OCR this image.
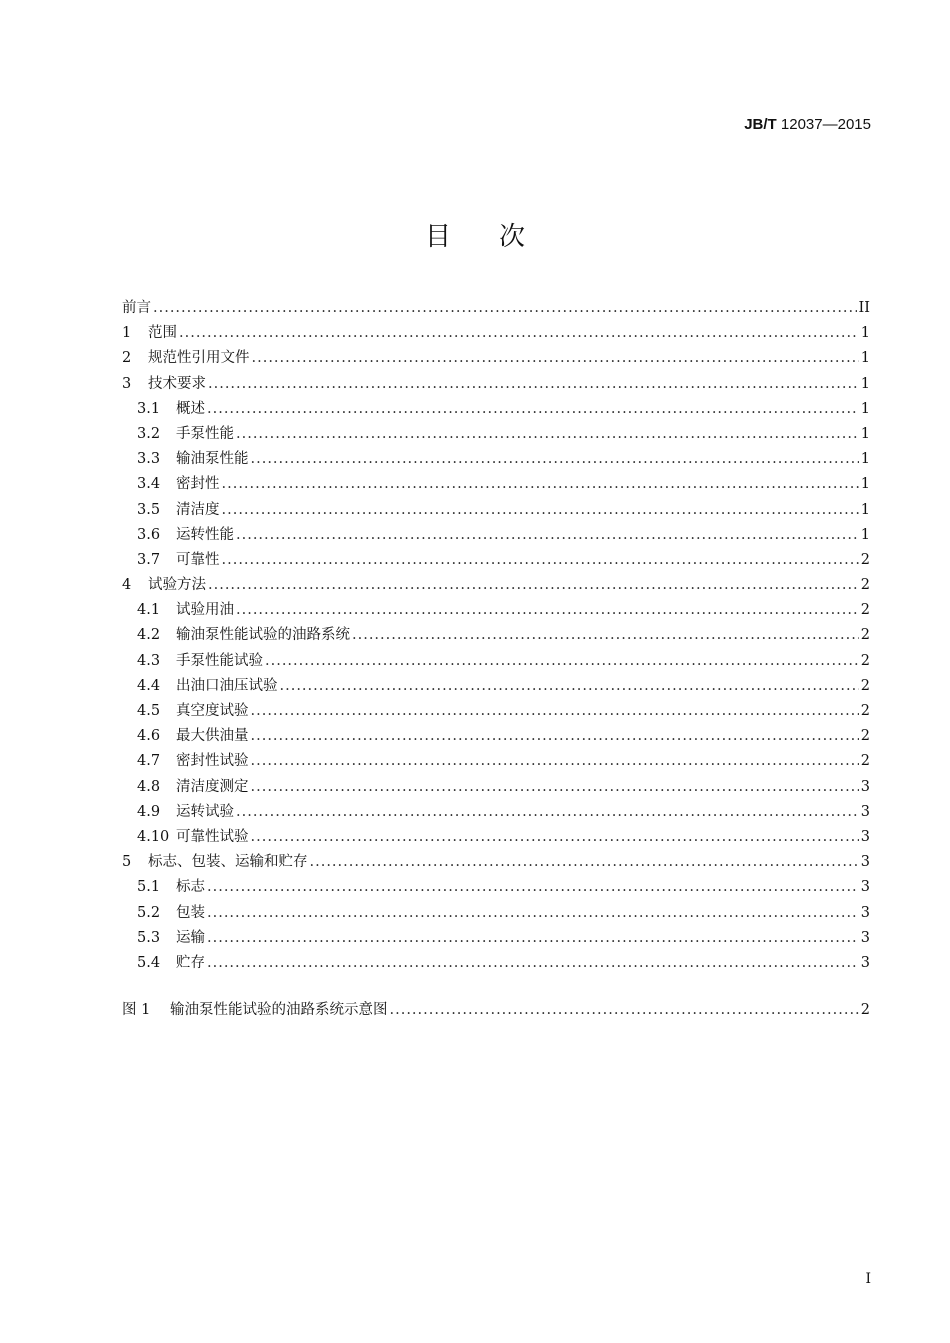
JB/T 12037—2015
目次
前言 .....	II
1	范围 .....	1
2	规范性引用文件 .....	1
3	技术要求 .....	1
3.1	概述 .....	1
3.2	手泵性能 .....	1
3.3	输油泵性能 .....	1
3.4	密封性 .....	1
3.5	清洁度 .....	1
3.6	运转性能 .....	1
3.7	可靠性 .....	2
4	试验方法 .....	2
4.1	试验用油 .....	2
4.2	输油泵性能试验的油路系统 .....	2
4.3	手泵性能试验 .....	2
4.4	出油口油压试验 .....	2
4.5	真空度试验 .....	2
4.6	最大供油量 .....	2
4.7	密封性试验 .....	2
4.8	清洁度测定 .....	3
4.9	运转试验 .....	3
4.10 可靠性试验 .....	3
5	标志、包装、运输和贮存 .....	3
5.1	标志 .....	3
5.2	包装 .....	3
5.3	运输 .....	3
5.4	贮存 .....	3
图 1	输油泵性能试验的油路系统示意图 .....	2
I
